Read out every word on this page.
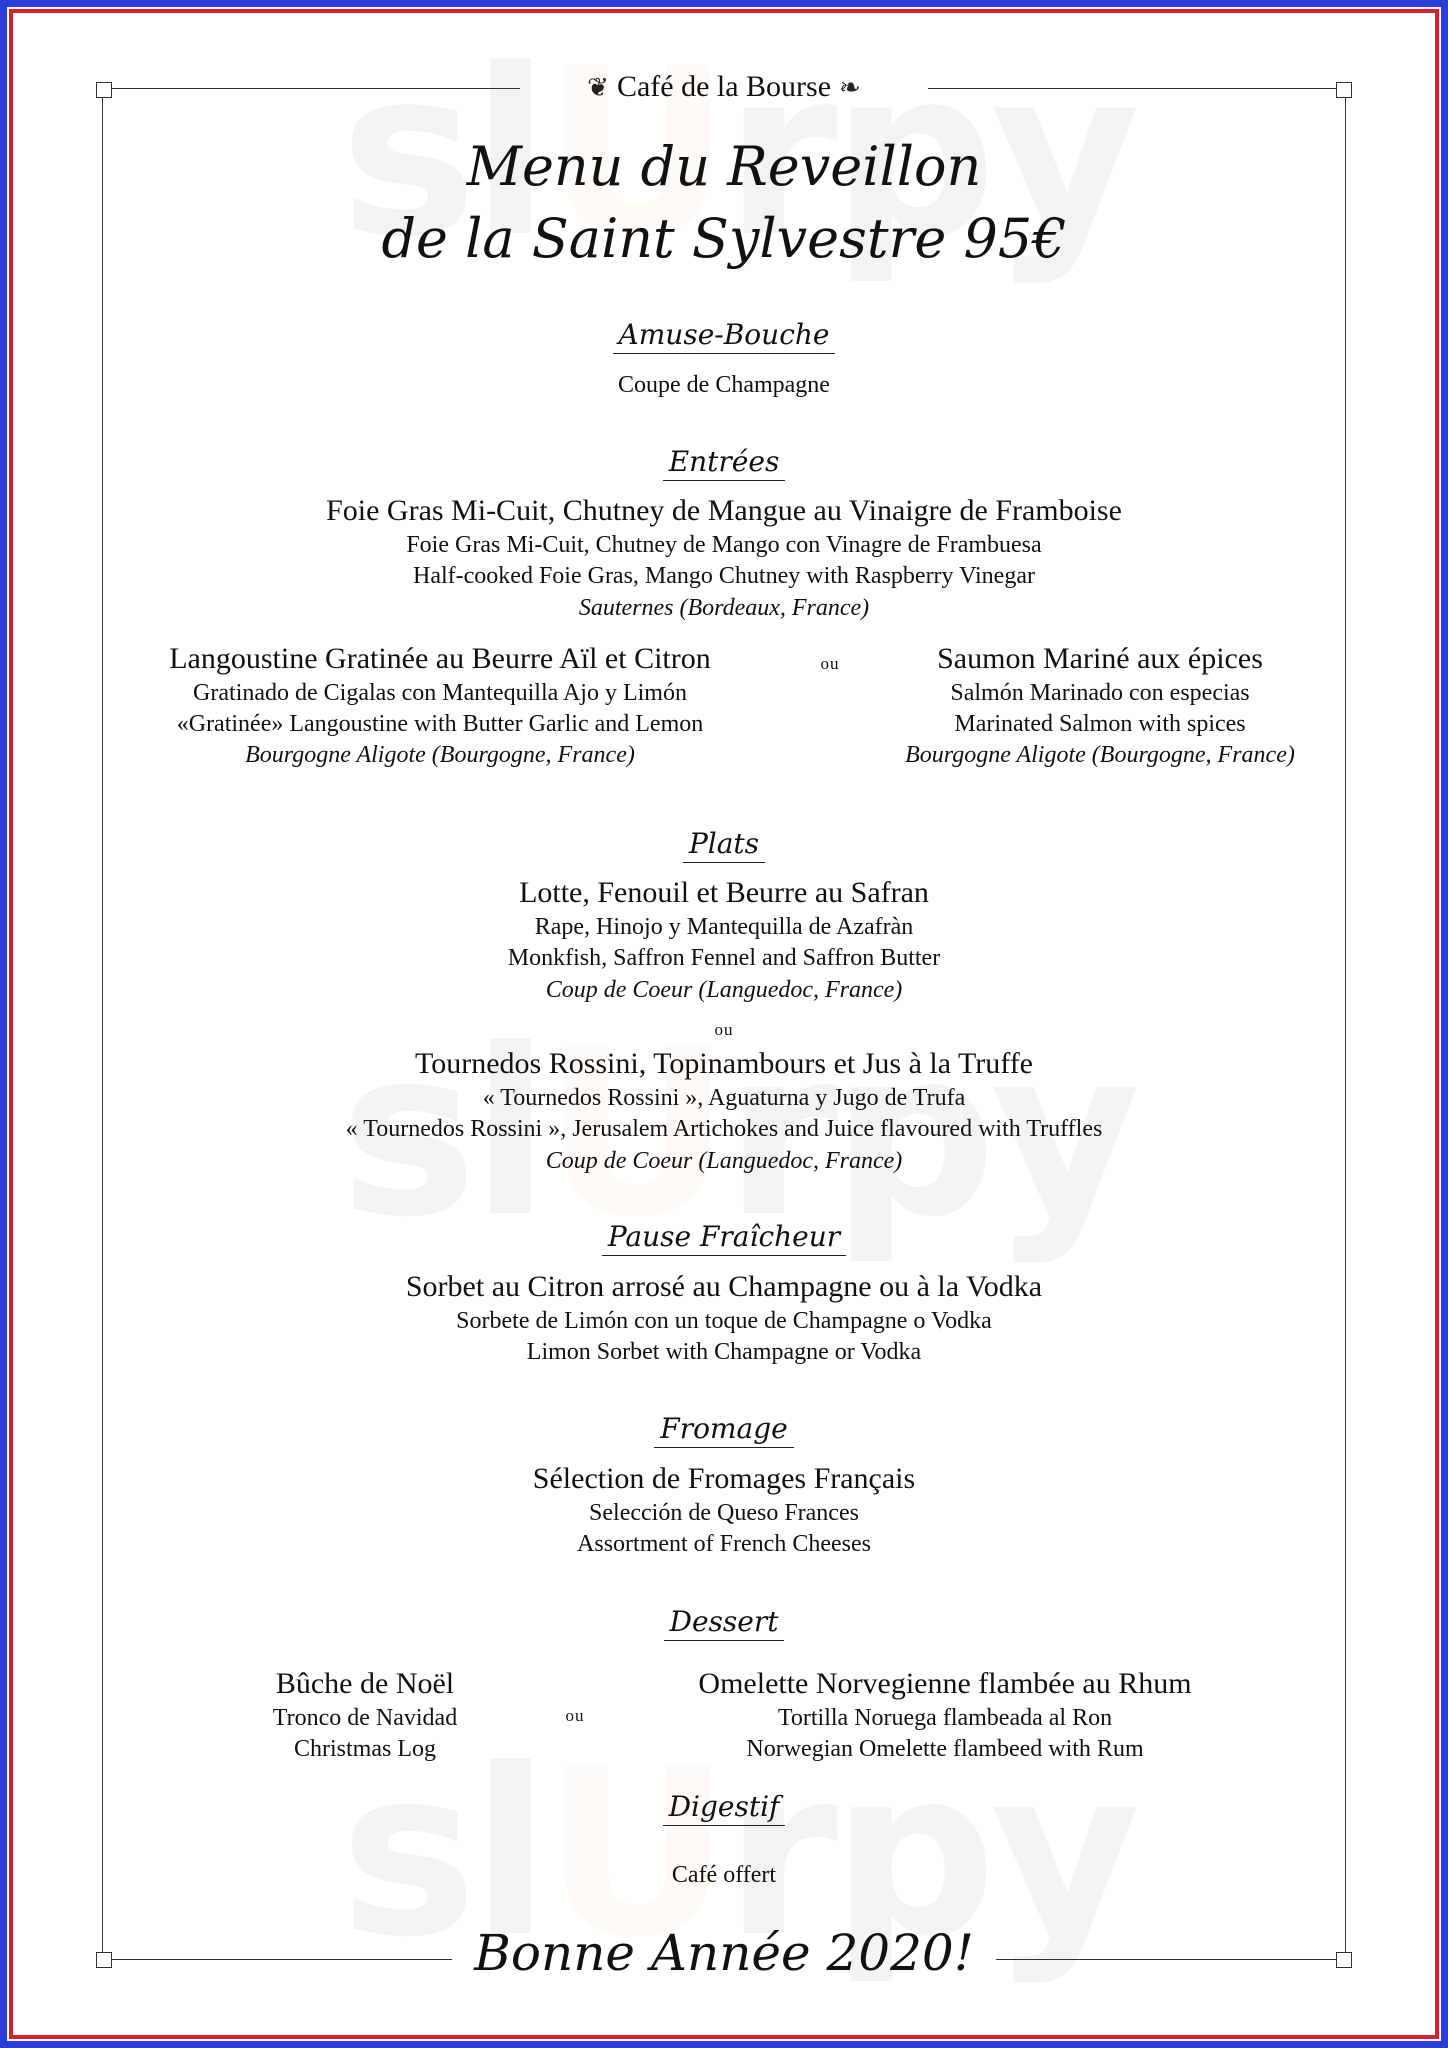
❦ Café de la Bourse ❧
Menu du Reveillon
de la Saint Sylvestre 95€
Amuse-Bouche
Coupe de Champagne
Entrées
Foie Gras Mi-Cuit, Chutney de Mangue au Vinaigre de Framboise
Foie Gras Mi-Cuit, Chutney de Mango con Vinagre de Frambuesa
Half-cooked Foie Gras, Mango Chutney with Raspberry Vinegar
Sauternes (Bordeaux, France)
Langoustine Gratinée au Beurre Aïl et Citron
Gratinado de Cigalas con Mantequilla Ajo y Limón
«Gratinée» Langoustine with Butter Garlic and Lemon
Bourgogne Aligote (Bourgogne, France)
ou	Saumon Mariné aux épices
Salmón Marinado con especias
Marinated Salmon with spices
Bourgogne Aligote (Bourgogne, France)
Plats
Lotte, Fenouil et Beurre au Safran
Rape, Hinojo y Mantequilla de Azafràn
Monkfish, Saffron Fennel and Saffron Butter
Coup de Coeur (Languedoc, France)
ou
Tournedos Rossini, Topinambours et Jus à la Truffe
« Tournedos Rossini », Aguaturna y Jugo de Trufa
« Tournedos Rossini », Jerusalem Artichokes and Juice flavoured with Truffles
Coup de Coeur (Languedoc, France)
Pause Fraîcheur
Sorbet au Citron arrosé au Champagne ou à la Vodka
Sorbete de Limón con un toque de Champagne o Vodka
Limon Sorbet with Champagne or Vodka
Fromage
Sélection de Fromages Français
Selección de Queso Frances
Assortment of French Cheeses
Dessert
Bûche de Noël
Tronco de Navidad
Christmas Log
ou
Omelette Norvegienne flambée au Rhum
Tortilla Noruega flambeada al Ron
Norwegian Omelette flambeed with Rum
Digestif
Café offert
Bonne Année 2020!
